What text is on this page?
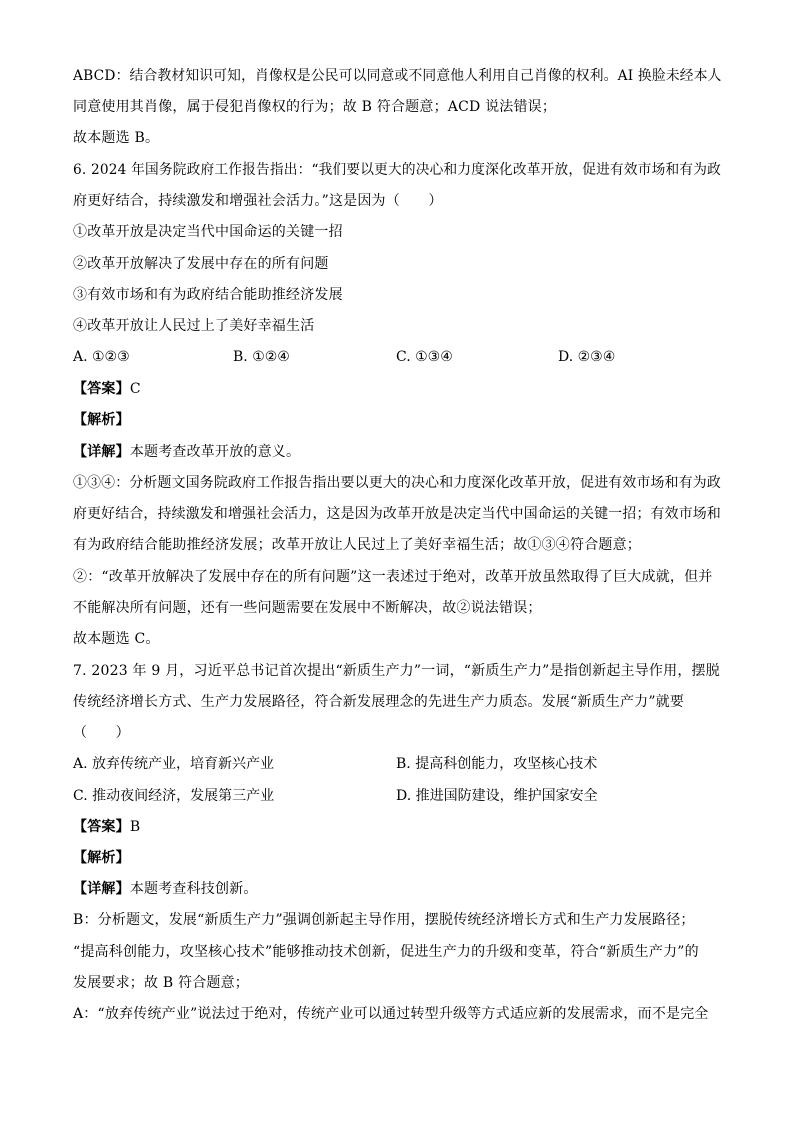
ABCD：结合教材知识可知，肖像权是公民可以同意或不同意他人利用自己肖像的权利。AI 换脸未经本人
同意使用其肖像，属于侵犯肖像权的行为；故 B 符合题意；ACD 说法错误；
故本题选 B。
6. 2024 年国务院政府工作报告指出：“我们要以更大的决心和力度深化改革开放，促进有效市场和有为政
府更好结合，持续激发和增强社会活力。”这是因为（　　）
①改革开放是决定当代中国命运的关键一招
②改革开放解决了发展中存在的所有问题
③有效市场和有为政府结合能助推经济发展
④改革开放让人民过上了美好幸福生活
A. ①②③	B. ①②④	C. ①③④	D. ②③④
【答案】C
【解析】
【详解】本题考查改革开放的意义。
①③④：分析题文国务院政府工作报告指出要以更大的决心和力度深化改革开放，促进有效市场和有为政
府更好结合，持续激发和增强社会活力，这是因为改革开放是决定当代中国命运的关键一招；有效市场和
有为政府结合能助推经济发展；改革开放让人民过上了美好幸福生活；故①③④符合题意；
②：“改革开放解决了发展中存在的所有问题”这一表述过于绝对，改革开放虽然取得了巨大成就，但并
不能解决所有问题，还有一些问题需要在发展中不断解决，故②说法错误；
故本题选 C。
7. 2023 年 9 月，习近平总书记首次提出“新质生产力”一词，“新质生产力”是指创新起主导作用，摆脱
传统经济增长方式、生产力发展路径，符合新发展理念的先进生产力质态。发展“新质生产力”就要
（　　）
A. 放弃传统产业，培育新兴产业	B. 提高科创能力，攻坚核心技术
C. 推动夜间经济，发展第三产业	D. 推进国防建设，维护国家安全
【答案】B
【解析】
【详解】本题考查科技创新。
B：分析题文，发展“新质生产力”强调创新起主导作用，摆脱传统经济增长方式和生产力发展路径；
“提高科创能力，攻坚核心技术”能够推动技术创新，促进生产力的升级和变革，符合“新质生产力”的
发展要求；故 B 符合题意；
A：“放弃传统产业”说法过于绝对，传统产业可以通过转型升级等方式适应新的发展需求，而不是完全
